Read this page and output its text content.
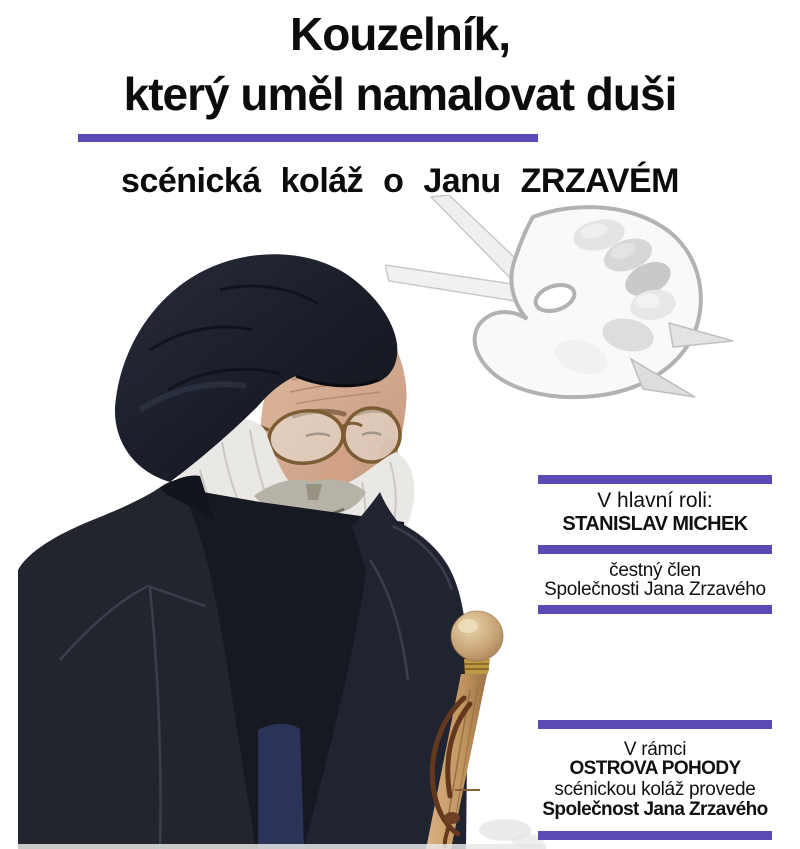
Kouzelník,
který uměl namalovat duši
scénická koláž o Janu ZRZAVÉM
V hlavní roli:
STANISLAV MICHEK
čestný člen
Společnosti Jana Zrzavého
V rámci
OSTROVA POHODY
scénickou koláž provede
Společnost Jana Zrzavého
